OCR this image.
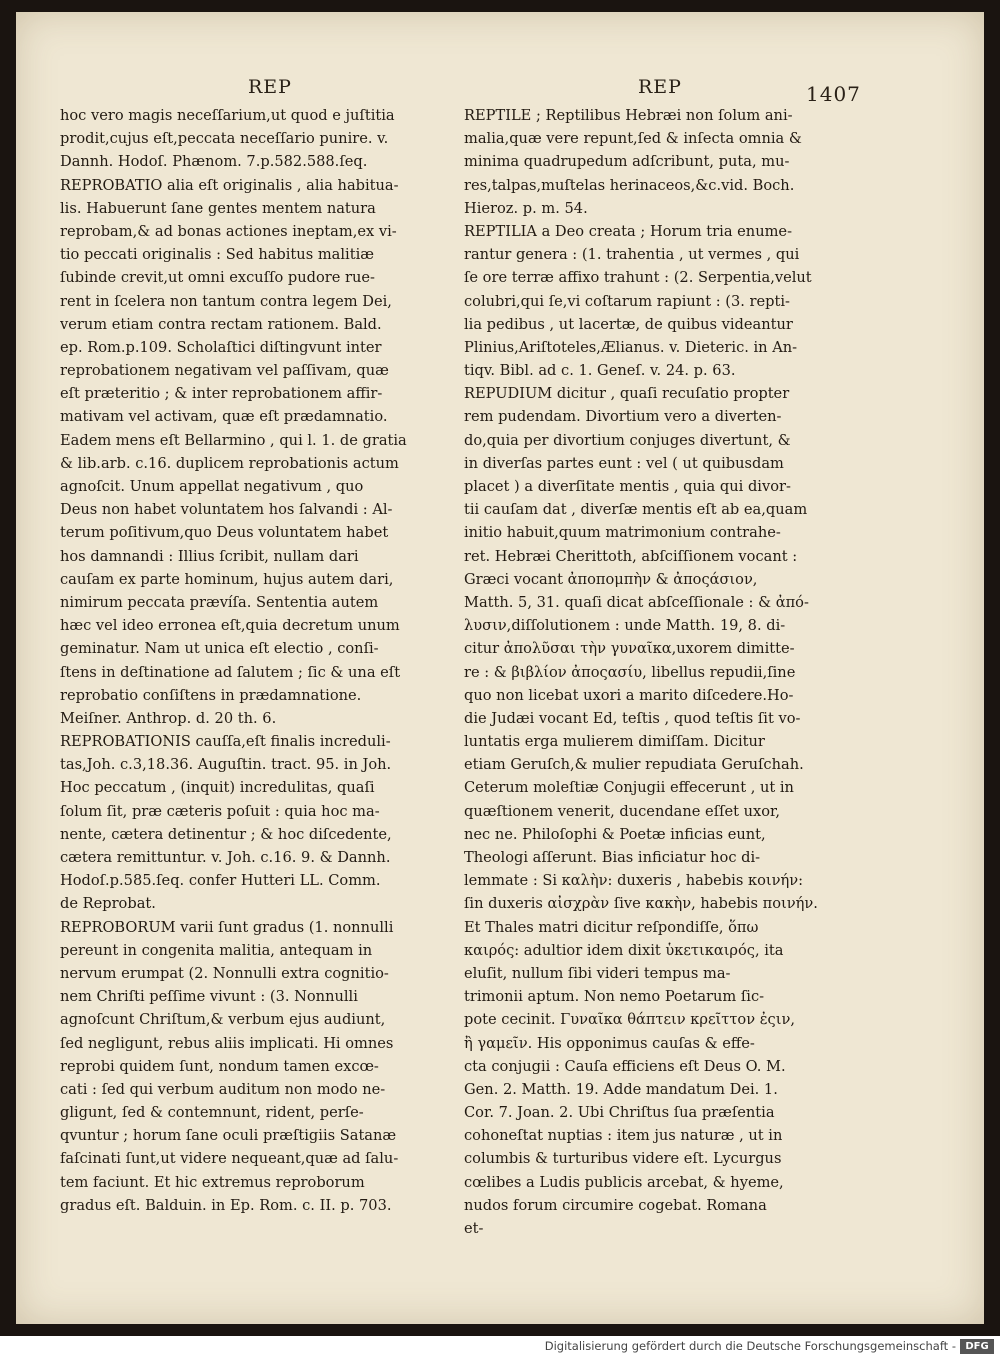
REP	REP	1407
hoc vero magis neceſſarium,ut quod e juſtitia
prodit,cujus eſt,peccata neceſſario punire. v.
Dannh. Hodoſ. Phænom. 7.p.582.588.ſeq.
REPROBATIO alia eſt originalis , alia habitua-
lis. Habuerunt ſane gentes mentem natura
reprobam,& ad bonas actiones ineptam,ex vi-
tio peccati originalis : Sed habitus malitiæ
ſubinde crevit,ut omni excuſſo pudore rue-
rent in ſcelera non tantum contra legem Dei,
verum etiam contra rectam rationem. Bald.
ep. Rom.p.109. Scholaſtici diſtingvunt inter
reprobationem negativam vel paſſivam, quæ
eſt præteritio ; & inter reprobationem affir-
mativam vel activam, quæ eſt prædamnatio.
Eadem mens eſt Bellarmino , qui l. 1. de gratia
& lib.arb. c.16. duplicem reprobationis actum
agnoſcit. Unum appellat negativum , quo
Deus non habet voluntatem hos ſalvandi : Al-
terum poſitivum,quo Deus voluntatem habet
hos damnandi : Illius ſcribit, nullam dari
cauſam ex parte hominum, hujus autem dari,
nimirum peccata prævíſa. Sententia autem
hæc vel ideo erronea eſt,quia decretum unum
geminatur. Nam ut unica eſt electio , conſi-
ſtens in deſtinatione ad ſalutem ; ſic & una eſt
reprobatio conſiſtens in prædamnatione.
Meiſner. Anthrop. d. 20 th. 6.
REPROBATIONIS cauſſa,eſt finalis increduli-
tas,Joh. c.3,18.36. Auguſtin. tract. 95. in Joh.
Hoc peccatum , (inquit) incredulitas, quaſi
ſolum ſit, præ cæteris poſuit : quia hoc ma-
nente, cætera detinentur ; & hoc diſcedente,
cætera remittuntur. v. Joh. c.16. 9. & Dannh.
Hodoſ.p.585.ſeq. confer Hutteri LL. Comm.
de Reprobat.
REPROBORUM varii ſunt gradus (1. nonnulli
pereunt in congenita malitia, antequam in
nervum erumpat (2. Nonnulli extra cognitio-
nem Chriſti peſſime vivunt : (3. Nonnulli
agnoſcunt Chriſtum,& verbum ejus audiunt,
ſed negligunt, rebus aliis implicati. Hi omnes
reprobi quidem ſunt, nondum tamen excœ-
cati : ſed qui verbum auditum non modo ne-
gligunt, ſed & contemnunt, rident, perſe-
qvuntur ; horum ſane oculi præſtigiis Satanæ
faſcinati ſunt,ut videre nequeant,quæ ad ſalu-
tem faciunt. Et hic extremus reproborum
gradus eſt. Balduin. in Ep. Rom. c. II. p. 703.
REPTILE ; Reptilibus Hebræi non ſolum ani-
malia,quæ vere repunt,ſed & inſecta omnia &
minima quadrupedum adſcribunt, puta, mu-
res,talpas,muſtelas herinaceos,&c.vid. Boch.
Hieroz. p. m. 54.
REPTILIA a Deo creata ; Horum tria enume-
rantur genera : (1. trahentia , ut vermes , qui
ſe ore terræ affixo trahunt : (2. Serpentia,velut
colubri,qui ſe,vi coſtarum rapiunt : (3. repti-
lia pedibus , ut lacertæ, de quibus videantur
Plinius,Ariſtoteles,Ælianus. v. Dieteric. in An-
tiqv. Bibl. ad c. 1. Geneſ. v. 24. p. 63.
REPUDIUM dicitur , quaſi recuſatio propter
rem pudendam. Divortium vero a diverten-
do,quia per divortium conjuges divertunt, &
in diverſas partes eunt : vel ( ut quibusdam
placet ) a diverſitate mentis , quia qui divor-
tii cauſam dat , diverſæ mentis eſt ab ea,quam
initio habuit,quum matrimonium contrahe-
ret. Hebræi Cherittoth, abſciſſionem vocant :
Græci vocant ἀποπομπὴν & ἀποςάσιον,
Matth. 5, 31. quaſi dicat abſceſſionale : & ἀπό-
λυσιν,diſſolutionem : unde Matth. 19, 8. di-
citur ἀπολῦσαι τὴν γυναῖκα,uxorem dimitte-
re : & βιβλίον ἀποςασίυ, libellus repudii,ſine
quo non licebat uxori a marito diſcedere.Ho-
die Judæi vocant Ed, teſtis , quod teſtis ſit vo-
luntatis erga mulierem dimiſſam. Dicitur
etiam Geruſch,& mulier repudiata Geruſchah.
Ceterum moleſtiæ Conjugii effecerunt , ut in
quæſtionem venerit, ducendane eſſet uxor,
nec ne. Philoſophi & Poetæ inficias eunt,
Theologi aſſerunt. Bias inficiatur hoc di-
lemmate : Si καλὴν: duxeris , habebis κοινήν:
ſin duxeris αἰσχρὰν ſive κακὴν, habebis ποινήν.
Et Thales matri dicitur reſpondiſſe, ὅπω
καιρός: adultior idem dixit ὑκετικαιρός, ita
eluſit, nullum ſibi videri tempus ma-
trimonii aptum. Non nemo Poetarum ſic-
pote cecinit. Γυναῖκα θάπτειν κρεῖττον ἐςιν,
ἢ γαμεῖν. His opponimus cauſas & effe-
cta conjugii : Cauſa efficiens eſt Deus O. M.
Gen. 2. Matth. 19. Adde mandatum Dei. 1.
Cor. 7. Joan. 2. Ubi Chriſtus ſua præſentia
cohoneſtat nuptias : item jus naturæ , ut in
columbis & turturibus videre eſt. Lycurgus
cœlibes a Ludis publicis arcebat, & hyeme,
nudos forum circumire cogebat. Romana
et-
Digitalisierung gefördert durch die Deutsche Forschungsgemeinschaft - DFG
